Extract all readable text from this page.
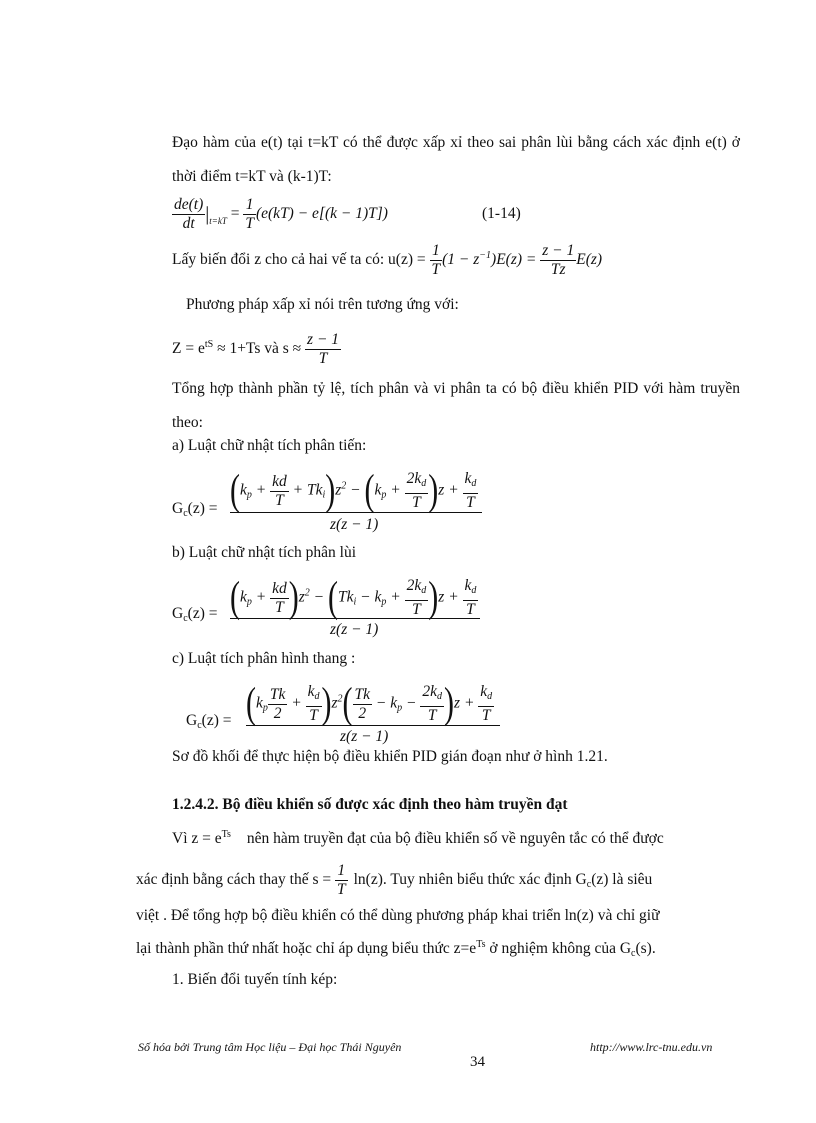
Đạo hàm của e(t) tại t=kT có thể được xấp xỉ theo sai phân lùi bằng cách xác định e(t) ở thời điểm t=kT và (k-1)T:
$\frac{de(t)}{dt} |_{t=kT} = \frac{1}{T} (e(kT) - e[(k - 1)T])$	(1-14)
Lấy biến đổi z cho cả hai vế ta có: $u(z) = \frac{1}{T} (1 - z^{-1})E(z) = \frac{z - 1}{Tz} E(z)$
Phương pháp xấp xỉ nói trên tương ứng với:
$Z = e^{tS} \approx 1+Ts$ và $s \approx \frac{z - 1}{T}$
Tổng hợp thành phần tỷ lệ, tích phân và vi phân ta có bộ điều khiển PID với hàm truyền theo:
a) Luật chữ nhật tích phân tiến:
$(k_p + \frac{kd}{T} + Tk_i)z^2 - (k_p + \frac{2k_d}{T} )z + \frac{k_d}{T}$
$G_c(z)$ =
z(z − 1)
b) Luật chữ nhật tích phân lùi
$(k_p + \frac{kd}{T} )z^2 - (Tk_i - k_p + \frac{2k_d}{T} )z + \frac{k_d}{T}$
$G_c(z)$ =
z(z − 1)
c) Luật tích phân hình thang :
$(k_p \frac{Tk}{2} + \frac{k_d}{T} )z^2( \frac{Tk}{2} - k_p - \frac{2k_d}{T} )z + \frac{k_d}{T}$
$G_c(z)$ =
z(z − 1)
Sơ đồ khối để thực hiện bộ điều khiển PID gián đoạn như ở hình 1.21.
1.2.4.2. Bộ điều khiển số được xác định theo hàm truyền đạt
Vì $z = e^{Ts}$ nên hàm truyền đạt của bộ điều khiển số về nguyên tắc có thể được
xác định bằng cách thay thế $s = \frac{1}{T} \ln(z)$. Tuy nhiên biểu thức xác định $G_c(z)$ là siêu
việt . Để tổng hợp bộ điều khiển có thể dùng phương pháp khai triển ln(z) và chỉ giữ
lại thành phần thứ nhất hoặc chỉ áp dụng biểu thức $z=e^{Ts}$ ở nghiệm không của $G_c(s)$.
1. Biến đổi tuyến tính kép:
Số hóa bởi Trung tâm Học liệu – Đại học Thái Nguyên	http://www.lrc-tnu.edu.vn
34
